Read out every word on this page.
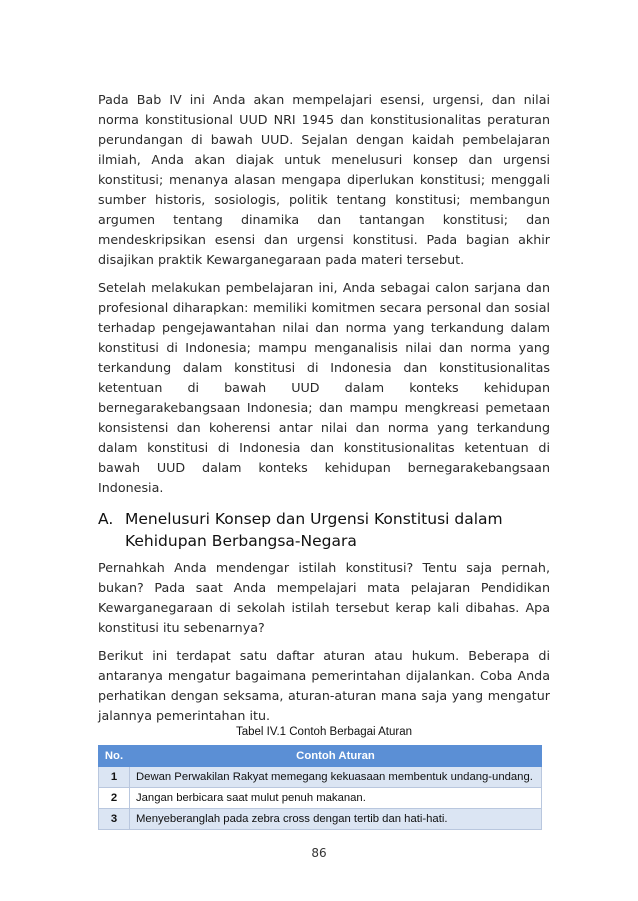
Pada Bab IV ini Anda akan mempelajari esensi, urgensi, dan nilai norma konstitusional UUD NRI 1945 dan konstitusionalitas peraturan perundangan di bawah UUD. Sejalan dengan kaidah pembelajaran ilmiah, Anda akan diajak untuk menelusuri konsep dan urgensi konstitusi; menanya alasan mengapa diperlukan konstitusi; menggali sumber historis, sosiologis, politik tentang konstitusi; membangun argumen tentang dinamika dan tantangan konstitusi; dan mendeskripsikan esensi dan urgensi konstitusi. Pada bagian akhir disajikan praktik Kewarganegaraan pada materi tersebut.

Setelah melakukan pembelajaran ini, Anda sebagai calon sarjana dan profesional diharapkan: memiliki komitmen secara personal dan sosial terhadap pengejawantahan nilai dan norma yang terkandung dalam konstitusi di Indonesia; mampu menganalisis nilai dan norma yang terkandung dalam konstitusi di Indonesia dan konstitusionalitas ketentuan di bawah UUD dalam konteks kehidupan bernegarakebangsaan Indonesia; dan mampu mengkreasi pemetaan konsistensi dan koherensi antar nilai dan norma yang terkandung dalam konstitusi di Indonesia dan konstitusionalitas ketentuan di bawah UUD dalam konteks kehidupan bernegarakebangsaan Indonesia.

A. Menelusuri Konsep dan Urgensi Konstitusi dalam Kehidupan Berbangsa-Negara

Pernahkah Anda mendengar istilah konstitusi? Tentu saja pernah, bukan? Pada saat Anda mempelajari mata pelajaran Pendidikan Kewarganegaraan di sekolah istilah tersebut kerap kali dibahas. Apa konstitusi itu sebenarnya?

Berikut ini terdapat satu daftar aturan atau hukum. Beberapa di antaranya mengatur bagaimana pemerintahan dijalankan. Coba Anda perhatikan dengan seksama, aturan-aturan mana saja yang mengatur jalannya pemerintahan itu.

Tabel IV.1 Contoh Berbagai Aturan
No.	Contoh Aturan
1	Dewan Perwakilan Rakyat memegang kekuasaan membentuk undang-undang.
2	Jangan berbicara saat mulut penuh makanan.
3	Menyeberanglah pada zebra cross dengan tertib dan hati-hati.
86
